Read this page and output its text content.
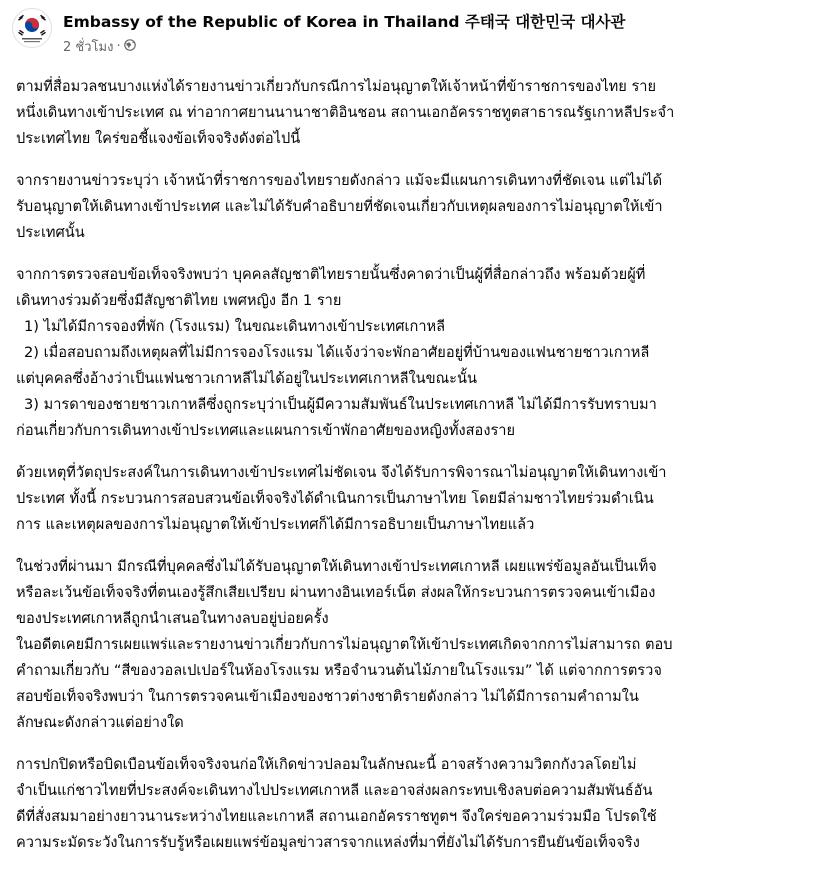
Embassy of the Republic of Korea in Thailand 주태국 대한민국 대사관
2 ชั่วโมง ·
ตามที่สื่อมวลชนบางแห่งได้รายงานข่าวเกี่ยวกับกรณีการไม่อนุญาตให้เจ้าหน้าที่ข้าราชการของไทย ราย
หนึ่งเดินทางเข้าประเทศ ณ ท่าอากาศยานนานาชาติอินชอน สถานเอกอัครราชทูตสาธารณรัฐเกาหลีประจำ
ประเทศไทย ใคร่ขอชี้แจงข้อเท็จจริงดังต่อไปนี้
จากรายงานข่าวระบุว่า เจ้าหน้าที่ราชการของไทยรายดังกล่าว แม้จะมีแผนการเดินทางที่ชัดเจน แต่ไม่ได้
รับอนุญาตให้เดินทางเข้าประเทศ และไม่ได้รับคำอธิบายที่ชัดเจนเกี่ยวกับเหตุผลของการไม่อนุญาตให้เข้า
ประเทศนั้น
จากการตรวจสอบข้อเท็จจริงพบว่า บุคคลสัญชาติไทยรายนั้นซึ่งคาดว่าเป็นผู้ที่สื่อกล่าวถึง พร้อมด้วยผู้ที่
เดินทางร่วมด้วยซึ่งมีสัญชาติไทย เพศหญิง อีก 1 ราย
1) ไม่ได้มีการจองที่พัก (โรงแรม) ในขณะเดินทางเข้าประเทศเกาหลี
2) เมื่อสอบถามถึงเหตุผลที่ไม่มีการจองโรงแรม ได้แจ้งว่าจะพักอาศัยอยู่ที่บ้านของแฟนชายชาวเกาหลี
แต่บุคคลซึ่งอ้างว่าเป็นแฟนชาวเกาหลีไม่ได้อยู่ในประเทศเกาหลีในขณะนั้น
3) มารดาของชายชาวเกาหลีซึ่งถูกระบุว่าเป็นผู้มีความสัมพันธ์ในประเทศเกาหลี ไม่ได้มีการรับทราบมา
ก่อนเกี่ยวกับการเดินทางเข้าประเทศและแผนการเข้าพักอาศัยของหญิงทั้งสองราย
ด้วยเหตุที่วัตถุประสงค์ในการเดินทางเข้าประเทศไม่ชัดเจน จึงได้รับการพิจารณาไม่อนุญาตให้เดินทางเข้า
ประเทศ ทั้งนี้ กระบวนการสอบสวนข้อเท็จจริงได้ดำเนินการเป็นภาษาไทย โดยมีล่ามชาวไทยร่วมดำเนิน
การ และเหตุผลของการไม่อนุญาตให้เข้าประเทศก็ได้มีการอธิบายเป็นภาษาไทยแล้ว
ในช่วงที่ผ่านมา มีกรณีที่บุคคลซึ่งไม่ได้รับอนุญาตให้เดินทางเข้าประเทศเกาหลี เผยแพร่ข้อมูลอันเป็นเท็จ
หรือละเว้นข้อเท็จจริงที่ตนเองรู้สึกเสียเปรียบ ผ่านทางอินเทอร์เน็ต ส่งผลให้กระบวนการตรวจคนเข้าเมือง
ของประเทศเกาหลีถูกนำเสนอในทางลบอยู่บ่อยครั้ง
ในอดีตเคยมีการเผยแพร่และรายงานข่าวเกี่ยวกับการไม่อนุญาตให้เข้าประเทศเกิดจากการไม่สามารถ ตอบ
คำถามเกี่ยวกับ “สีของวอลเปเปอร์ในห้องโรงแรม หรือจำนวนต้นไม้ภายในโรงแรม” ได้ แต่จากการตรวจ
สอบข้อเท็จจริงพบว่า ในการตรวจคนเข้าเมืองของชาวต่างชาติรายดังกล่าว ไม่ได้มีการถามคำถามใน
ลักษณะดังกล่าวแต่อย่างใด
การปกปิดหรือบิดเบือนข้อเท็จจริงจนก่อให้เกิดข่าวปลอมในลักษณะนี้ อาจสร้างความวิตกกังวลโดยไม่
จำเป็นแก่ชาวไทยที่ประสงค์จะเดินทางไปประเทศเกาหลี และอาจส่งผลกระทบเชิงลบต่อความสัมพันธ์อัน
ดีที่สั่งสมมาอย่างยาวนานระหว่างไทยและเกาหลี สถานเอกอัครราชทูตฯ จึงใคร่ขอความร่วมมือ โปรดใช้
ความระมัดระวังในการรับรู้หรือเผยแพร่ข้อมูลข่าวสารจากแหล่งที่มาที่ยังไม่ได้รับการยืนยันข้อเท็จจริง
